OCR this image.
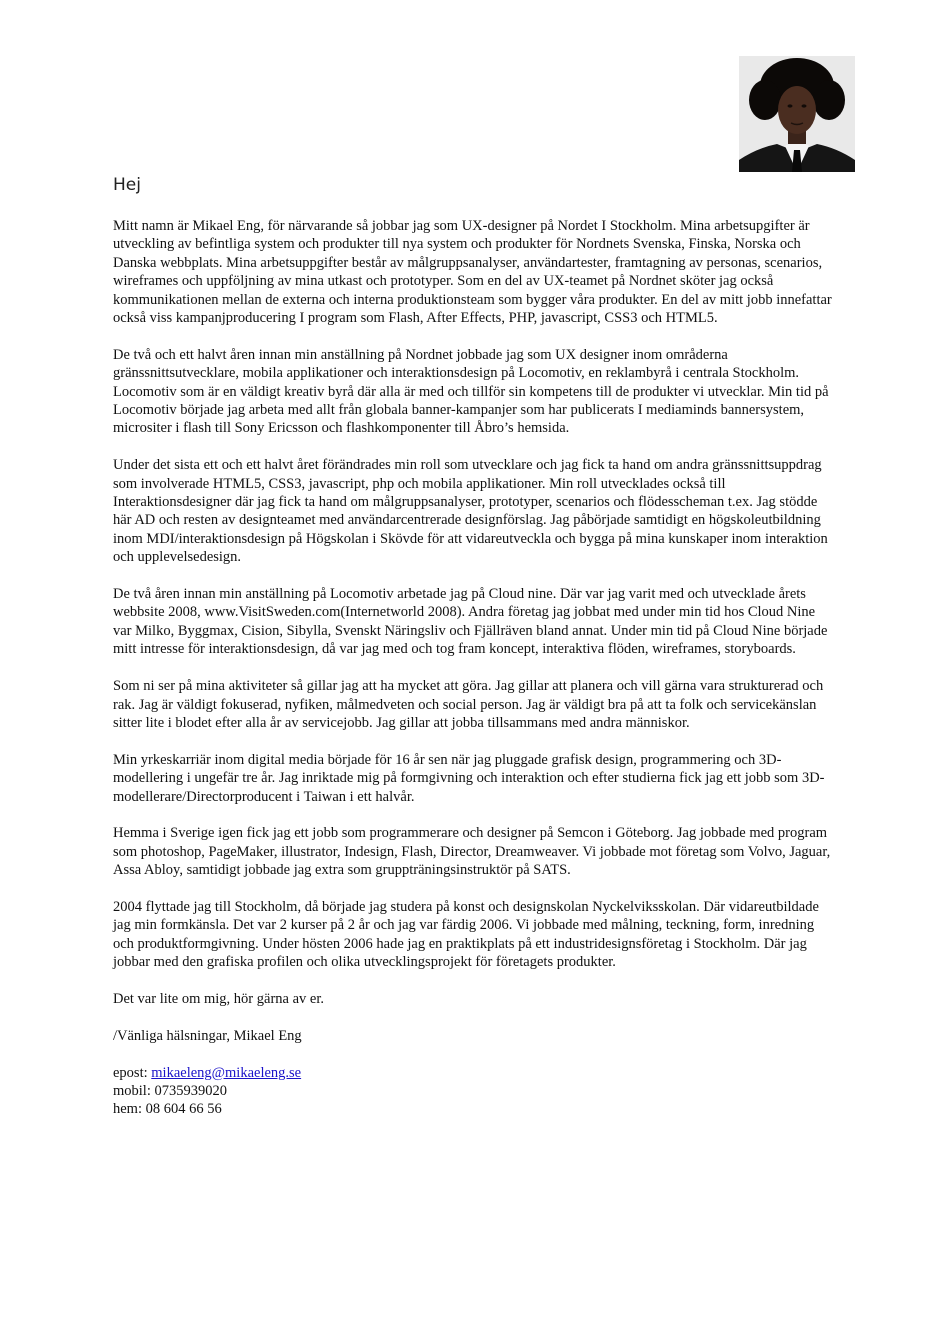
Hej

Mitt namn är Mikael Eng, för närvarande så jobbar jag som UX-designer på Nordet I Stockholm. Mina arbetsupgifter är utveckling av befintliga system och produkter till nya system och produkter för Nordnets Svenska, Finska, Norska och Danska webbplats. Mina arbetsuppgifter består av målgruppsanalyser, användartester, framtagning av personas, scenarios, wireframes och uppföljning av mina utkast och prototyper. Som en del av UX-teamet på Nordnet sköter jag också kommunikationen mellan de externa och interna produktionsteam som bygger våra produkter. En del av mitt jobb innefattar också viss kampanjproducering I program som Flash, After Effects, PHP, javascript, CSS3 och HTML5.

De två och ett halvt åren innan min anställning på Nordnet jobbade jag som UX designer inom områderna gränssnittsutvecklare, mobila applikationer och interaktionsdesign på Locomotiv, en reklambyrå i centrala Stockholm. Locomotiv som är en väldigt kreativ byrå där alla är med och tillför sin kompetens till de produkter vi utvecklar. Min tid på Locomotiv började jag arbeta med allt från globala banner-kampanjer som har publicerats I mediaminds bannersystem, micrositer i flash till Sony Ericsson och flashkomponenter till Åbro’s hemsida.

Under det sista ett och ett halvt året förändrades min roll som utvecklare och jag fick ta hand om andra gränssnittsuppdrag som involverade HTML5, CSS3, javascript, php och mobila applikationer. Min roll utvecklades också till Interaktionsdesigner där jag fick ta hand om målgruppsanalyser, prototyper, scenarios och flödesscheman t.ex. Jag stödde här AD och resten av designteamet med användarcentrerade designförslag. Jag påbörjade samtidigt en högskoleutbildning inom MDI/interaktionsdesign på Högskolan i Skövde för att vidareutveckla och bygga på mina kunskaper inom interaktion och upplevelsedesign.

De två åren innan min anställning på Locomotiv arbetade jag på Cloud nine. Där var jag varit med och utvecklade årets webbsite 2008, www.VisitSweden.com(Internetworld 2008). Andra företag jag jobbat med under min tid hos Cloud Nine var Milko, Byggmax, Cision, Sibylla, Svenskt Näringsliv och Fjällräven bland annat. Under min tid på Cloud Nine började mitt intresse för interaktionsdesign, då var jag med och tog fram koncept, interaktiva flöden, wireframes, storyboards.

Som ni ser på mina aktiviteter så gillar jag att ha mycket att göra. Jag gillar att planera och vill gärna vara strukturerad och rak. Jag är väldigt fokuserad, nyfiken, målmedveten och social person. Jag är väldigt bra på att ta folk och servicekänslan sitter lite i blodet efter alla år av servicejobb. Jag gillar att jobba tillsammans med andra människor.

Min yrkeskarriär inom digital media började för 16 år sen när jag pluggade grafisk design, programmering och 3D-modellering i ungefär tre år. Jag inriktade mig på formgivning och interaktion och efter studierna fick jag ett jobb som 3D-modellerare/Directorproducent i Taiwan i ett halvår.

Hemma i Sverige igen fick jag ett jobb som programmerare och designer på Semcon i Göteborg. Jag jobbade med program som photoshop, PageMaker, illustrator, Indesign, Flash, Director, Dreamweaver. Vi jobbade mot företag som Volvo, Jaguar, Assa Abloy, samtidigt jobbade jag extra som gruppträningsinstruktör på SATS.

2004 flyttade jag till Stockholm, då började jag studera på konst och designskolan Nyckelviksskolan. Där vidareutbildade jag min formkänsla. Det var 2 kurser på 2 år och jag var färdig 2006. Vi jobbade med målning, teckning, form, inredning och produktformgivning. Under hösten 2006 hade jag en praktikplats på ett industridesignsföretag i Stockholm. Där jag jobbar med den grafiska profilen och olika utvecklingsprojekt för företagets produkter.

Det var lite om mig, hör gärna av er.

/Vänliga hälsningar, Mikael Eng

epost: mikaeleng@mikaeleng.se
mobil: 0735939020
hem: 08 604 66 56
